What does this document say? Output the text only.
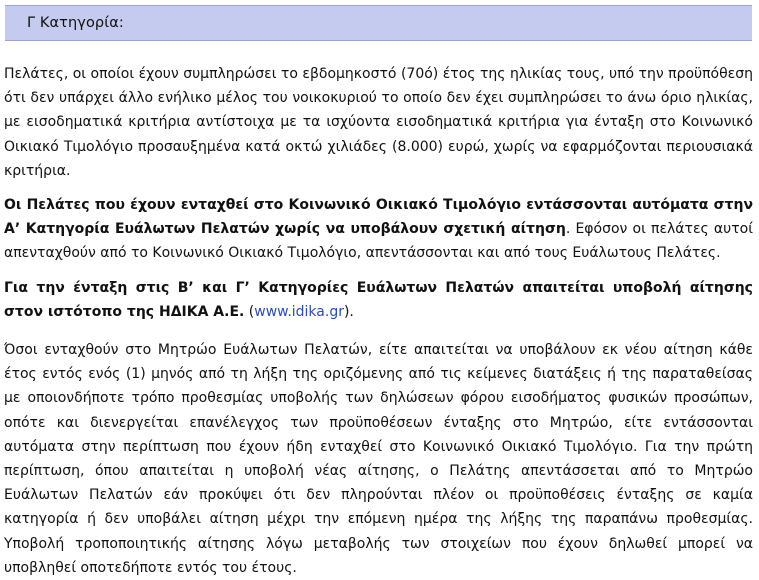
Γ Κατηγορία:

Πελάτες, οι οποίοι έχουν συμπληρώσει το εβδομηκοστό (70ό) έτος της ηλικίας τους, υπό την προϋπόθεση ότι δεν υπάρχει άλλο ενήλικο μέλος του νοικοκυριού το οποίο δεν έχει συμπληρώσει το άνω όριο ηλικίας, με εισοδηματικά κριτήρια αντίστοιχα με τα ισχύοντα εισοδηματικά κριτήρια για ένταξη στο Κοινωνικό Οικιακό Τιμολόγιο προσαυξημένα κατά οκτώ χιλιάδες (8.000) ευρώ, χωρίς να εφαρμόζονται περιουσιακά κριτήρια.

Οι Πελάτες που έχουν ενταχθεί στο Κοινωνικό Οικιακό Τιμολόγιο εντάσσονται αυτόματα στην Α’ Κατηγορία Ευάλωτων Πελατών χωρίς να υποβάλουν σχετική αίτηση. Εφόσον οι πελάτες αυτοί απενταχθούν από το Κοινωνικό Οικιακό Τιμολόγιο, απεντάσσονται και από τους Ευάλωτους Πελάτες.

Για την ένταξη στις Β’ και Γ’ Κατηγορίες Ευάλωτων Πελατών απαιτείται υποβολή αίτησης στον ιστότοπο της ΗΔΙΚΑ Α.Ε. (www.idika.gr).

Όσοι ενταχθούν στο Μητρώο Ευάλωτων Πελατών, είτε απαιτείται να υποβάλουν εκ νέου αίτηση κάθε έτος εντός ενός (1) μηνός από τη λήξη της οριζόμενης από τις κείμενες διατάξεις ή της παραταθείσας με οποιονδήποτε τρόπο προθεσμίας υποβολής των δηλώσεων φόρου εισοδήματος φυσικών προσώπων, οπότε και διενεργείται επανέλεγχος των προϋποθέσεων ένταξης στο Μητρώο, είτε εντάσσονται αυτόματα στην περίπτωση που έχουν ήδη ενταχθεί στο Κοινωνικό Οικιακό Τιμολόγιο. Για την πρώτη περίπτωση, όπου απαιτείται η υποβολή νέας αίτησης, ο Πελάτης απεντάσσεται από το Μητρώο Ευάλωτων Πελατών εάν προκύψει ότι δεν πληρούνται πλέον οι προϋποθέσεις ένταξης σε καμία κατηγορία ή δεν υποβάλει αίτηση μέχρι την επόμενη ημέρα της λήξης της παραπάνω προθεσμίας. Υποβολή τροποποιητικής αίτησης λόγω μεταβολής των στοιχείων που έχουν δηλωθεί μπορεί να υποβληθεί οποτεδήποτε εντός του έτους.
